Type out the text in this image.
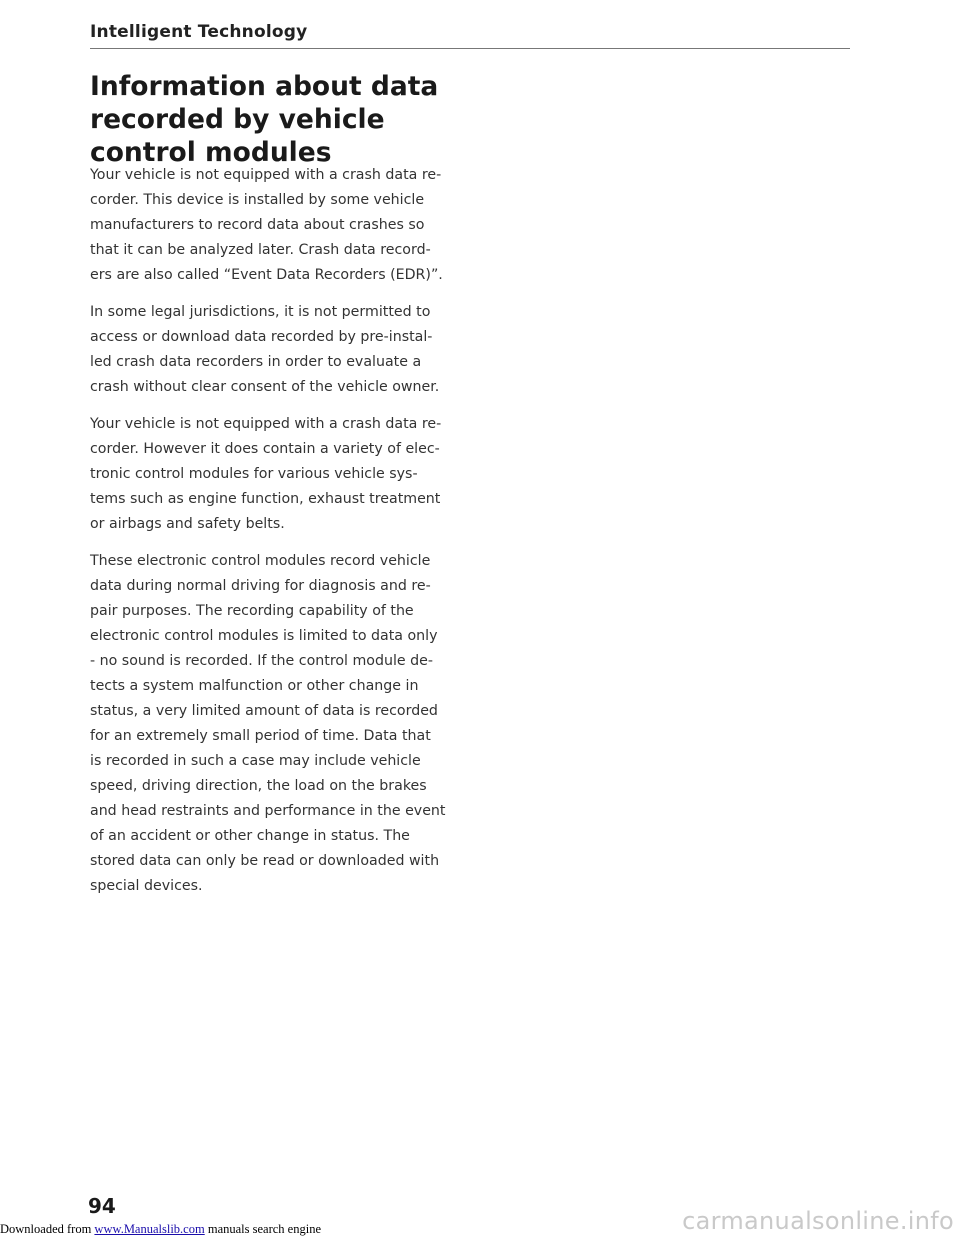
Intelligent Technology
Information about data
recorded by vehicle
control modules

Your vehicle is not equipped with a crash data re-
corder. This device is installed by some vehicle
manufacturers to record data about crashes so
that it can be analyzed later. Crash data record-
ers are also called “Event Data Recorders (EDR)”.

In some legal jurisdictions, it is not permitted to
access or download data recorded by pre-instal-
led crash data recorders in order to evaluate a
crash without clear consent of the vehicle owner.

Your vehicle is not equipped with a crash data re-
corder. However it does contain a variety of elec-
tronic control modules for various vehicle sys-
tems such as engine function, exhaust treatment
or airbags and safety belts.

These electronic control modules record vehicle
data during normal driving for diagnosis and re-
pair purposes. The recording capability of the
electronic control modules is limited to data only
- no sound is recorded. If the control module de-
tects a system malfunction or other change in
status, a very limited amount of data is recorded
for an extremely small period of time. Data that
is recorded in such a case may include vehicle
speed, driving direction, the load on the brakes
and head restraints and performance in the event
of an accident or other change in status. The
stored data can only be read or downloaded with
special devices.

94
Downloaded from www.Manualslib.com manuals search engine	carmanualsonline.info
